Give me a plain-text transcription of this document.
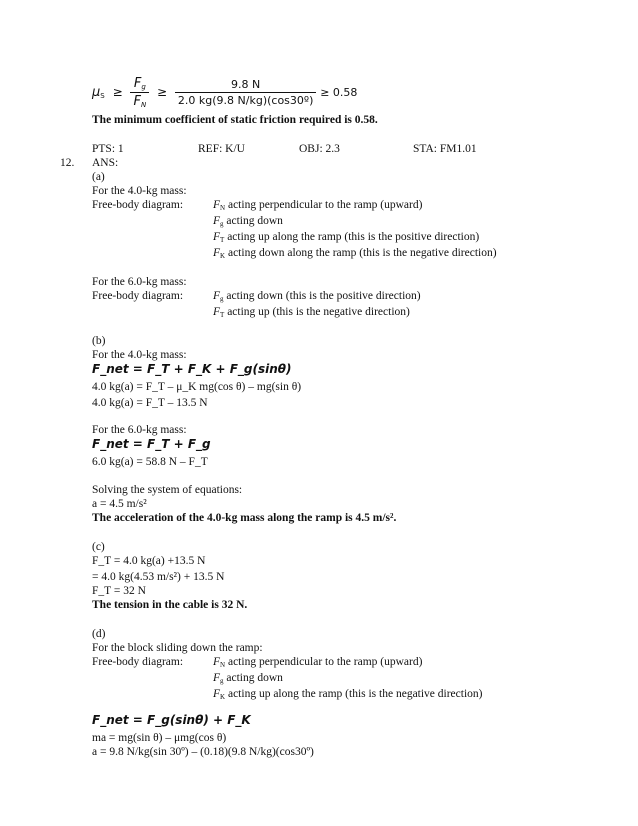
$\mu_S \ge \frac{F_g}{F_N} \ge \frac{9.8 N}{\text{2.0 kg(9.8 N/kg)(cos30º)}} \ge 0.58$
The minimum coefficient of static friction required is 0.58.
PTS: 1	REF: K/U	OBJ: 2.3	STA: FM1.01
12. ANS:
(a)
For the 4.0-kg mass:
Free-body diagram:	$F_N$ acting perpendicular to the ramp (upward)
$F_g$ acting down
$F_T$ acting up along the ramp (this is the positive direction)
$F_K$ acting down along the ramp (this is the negative direction)
For the 6.0-kg mass:
Free-body diagram:	$F_g$ acting down (this is the positive direction)
$F_T$ acting up (this is the negative direction)
(b)
For the 4.0-kg mass:
F_net = F_T + F_K + F_g(sinθ)
4.0 kg(a) = F_T – μ_K mg(cos θ) – mg(sin θ)
4.0 kg(a) = F_T – 13.5 N
For the 6.0-kg mass:
F_net = F_T + F_g
6.0 kg(a) = 58.8 N – F_T
Solving the system of equations:
a = 4.5 m/s²
The acceleration of the 4.0-kg mass along the ramp is 4.5 m/s².
(c)
F_T = 4.0 kg(a) +13.5 N
= 4.0 kg(4.53 m/s²) + 13.5 N
F_T = 32 N
The tension in the cable is 32 N.
(d)
For the block sliding down the ramp:
Free-body diagram:	$F_N$ acting perpendicular to the ramp (upward)
$F_g$ acting down
$F_K$ acting up along the ramp (this is the negative direction)
F_net = F_g(sinθ) + F_K
ma = mg(sin θ) – μmg(cos θ)
a = 9.8 N/kg(sin 30º) – (0.18)(9.8 N/kg)(cos30º)
